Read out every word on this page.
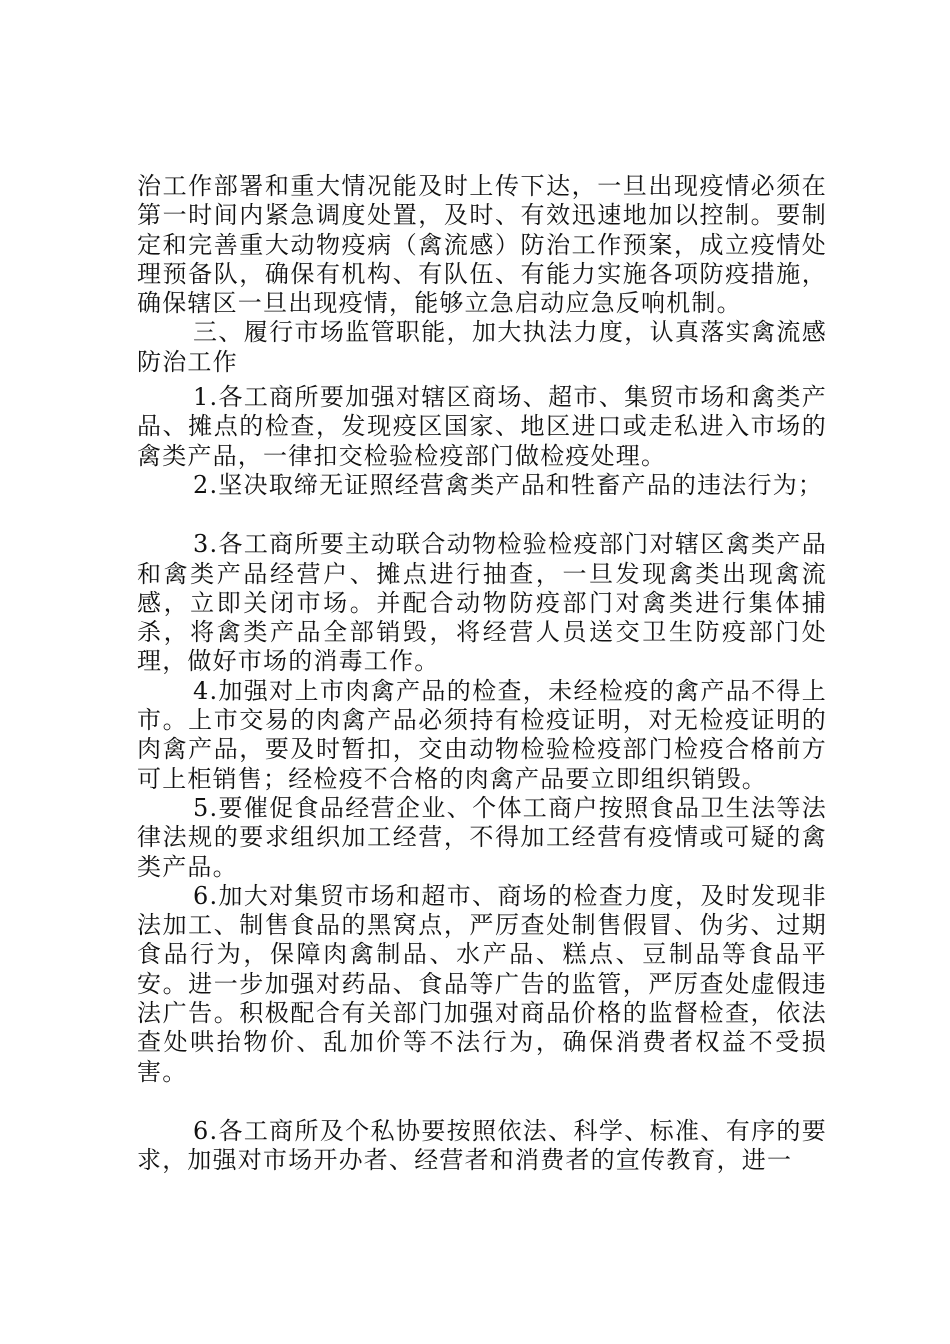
治工作部署和重大情况能及时上传下达，一旦出现疫情必须在第一时间内紧急调度处置，及时、有效迅速地加以控制。要制定和完善重大动物疫病（禽流感）防治工作预案，成立疫情处理预备队，确保有机构、有队伍、有能力实施各项防疫措施，确保辖区一旦出现疫情，能够立急启动应急反响机制。

三、履行市场监管职能，加大执法力度，认真落实禽流感防治工作

1.各工商所要加强对辖区商场、超市、集贸市场和禽类产品、摊点的检查，发现疫区国家、地区进口或走私进入市场的禽类产品，一律扣交检验检疫部门做检疫处理。

2.坚决取缔无证照经营禽类产品和牲畜产品的违法行为；

3.各工商所要主动联合动物检验检疫部门对辖区禽类产品和禽类产品经营户、摊点进行抽查，一旦发现禽类出现禽流感，立即关闭市场。并配合动物防疫部门对禽类进行集体捕杀，将禽类产品全部销毁，将经营人员送交卫生防疫部门处理，做好市场的消毒工作。

4.加强对上市肉禽产品的检查，未经检疫的禽产品不得上市。上市交易的肉禽产品必须持有检疫证明，对无检疫证明的肉禽产品，要及时暂扣，交由动物检验检疫部门检疫合格前方可上柜销售；经检疫不合格的肉禽产品要立即组织销毁。

5.要催促食品经营企业、个体工商户按照食品卫生法等法律法规的要求组织加工经营，不得加工经营有疫情或可疑的禽类产品。

6.加大对集贸市场和超市、商场的检查力度，及时发现非法加工、制售食品的黑窝点，严厉查处制售假冒、伪劣、过期食品行为，保障肉禽制品、水产品、糕点、豆制品等食品平安。进一步加强对药品、食品等广告的监管，严厉查处虚假违法广告。积极配合有关部门加强对商品价格的监督检查，依法查处哄抬物价、乱加价等不法行为，确保消费者权益不受损害。

6.各工商所及个私协要按照依法、科学、标准、有序的要求，加强对市场开办者、经营者和消费者的宣传教育，进一
